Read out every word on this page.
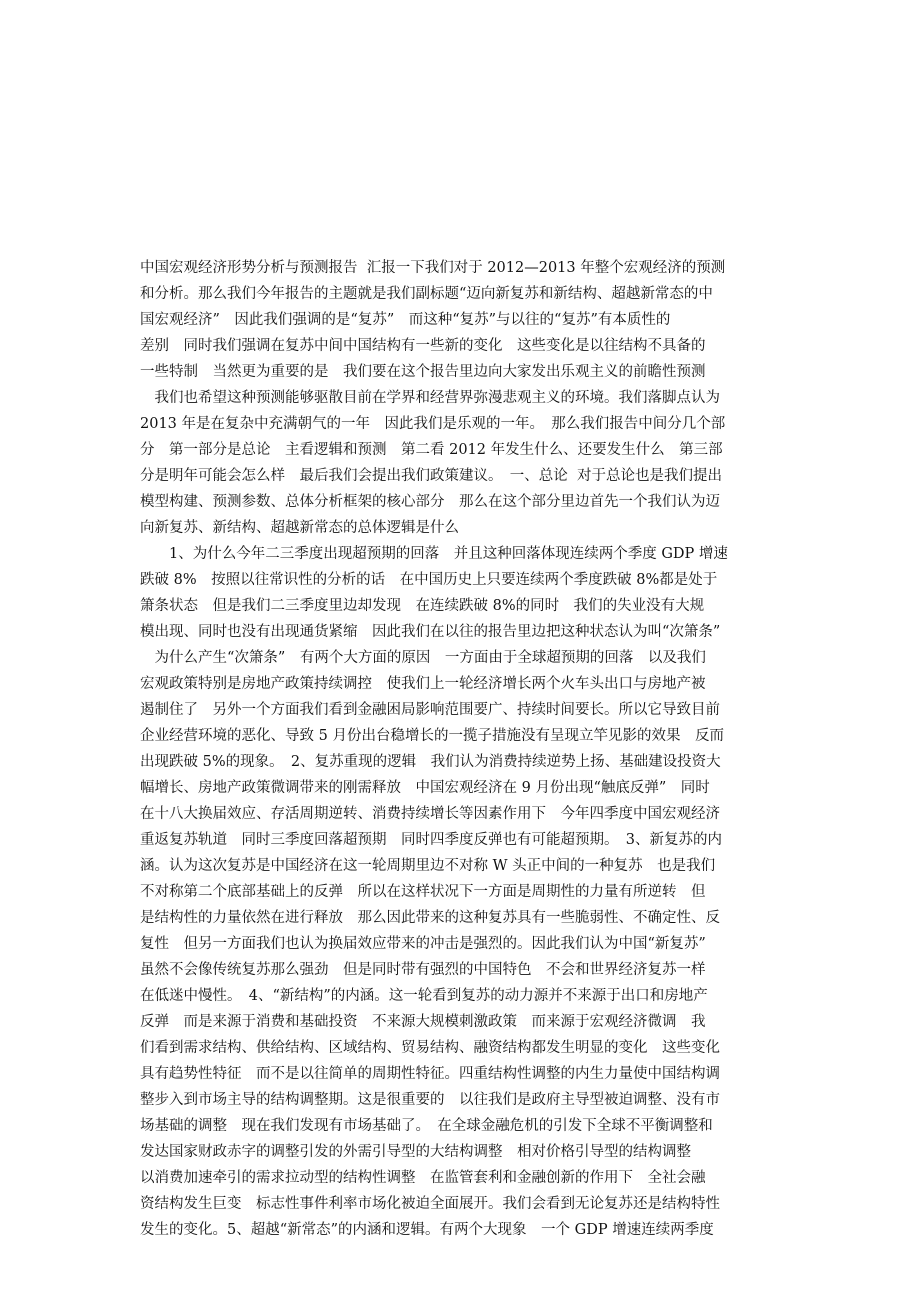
中国宏观经济形势分析与预测报告  汇报一下我们对于 2012—2013 年整个宏观经济的预测
和分析。那么我们今年报告的主题就是我们副标题“迈向新复苏和新结构、超越新常态的中
国宏观经济”　因此我们强调的是“复苏”　而这种“复苏”与以往的“复苏”有本质性的
差别　同时我们强调在复苏中间中国结构有一些新的变化　这些变化是以往结构不具备的
一些特制　当然更为重要的是　我们要在这个报告里边向大家发出乐观主义的前瞻性预测
　我们也希望这种预测能够驱散目前在学界和经营界弥漫悲观主义的环境。我们落脚点认为
2013 年是在复杂中充满朝气的一年　因此我们是乐观的一年。　那么我们报告中间分几个部
分　第一部分是总论　主看逻辑和预测　第二看 2012 年发生什么、还要发生什么　第三部
分是明年可能会怎么样　最后我们会提出我们政策建议。　一、总论  对于总论也是我们提出
模型构建、预测参数、总体分析框架的核心部分　那么在这个部分里边首先一个我们认为迈
向新复苏、新结构、超越新常态的总体逻辑是什么
　　1、为什么今年二三季度出现超预期的回落　并且这种回落体现连续两个季度 GDP 增速
跌破 8%　按照以往常识性的分析的话　在中国历史上只要连续两个季度跌破 8%都是处于
箫条状态　但是我们二三季度里边却发现　在连续跌破 8%的同时　我们的失业没有大规
模出现、同时也没有出现通货紧缩　因此我们在以往的报告里边把这种状态认为叫“次箫条”
　为什么产生“次箫条”　有两个大方面的原因　一方面由于全球超预期的回落　以及我们
宏观政策特别是房地产政策持续调控　使我们上一轮经济增长两个火车头出口与房地产被
遏制住了　另外一个方面我们看到金融困局影响范围要广、持续时间要长。所以它导致目前
企业经营环境的恶化、导致 5 月份出台稳增长的一揽子措施没有呈现立竿见影的效果　反而
出现跌破 5%的现象。　2、复苏重现的逻辑　我们认为消费持续逆势上扬、基础建设投资大
幅增长、房地产政策微调带来的刚需释放　中国宏观经济在 9 月份出现“触底反弹”　同时
在十八大换届效应、存活周期逆转、消费持续增长等因素作用下　今年四季度中国宏观经济
重返复苏轨道　同时三季度回落超预期　同时四季度反弹也有可能超预期。　3、新复苏的内
涵。认为这次复苏是中国经济在这一轮周期里边不对称 W 头正中间的一种复苏　也是我们
不对称第二个底部基础上的反弹　所以在这样状况下一方面是周期性的力量有所逆转　但
是结构性的力量依然在进行释放　那么因此带来的这种复苏具有一些脆弱性、不确定性、反
复性　但另一方面我们也认为换届效应带来的冲击是强烈的。因此我们认为中国“新复苏”
虽然不会像传统复苏那么强劲　但是同时带有强烈的中国特色　不会和世界经济复苏一样
在低迷中慢性。　4、“新结构”的内涵。这一轮看到复苏的动力源并不来源于出口和房地产
反弹　而是来源于消费和基础投资　不来源大规模刺激政策　而来源于宏观经济微调　我
们看到需求结构、供给结构、区域结构、贸易结构、融资结构都发生明显的变化　这些变化
具有趋势性特征　而不是以往简单的周期性特征。四重结构性调整的内生力量使中国结构调
整步入到市场主导的结构调整期。这是很重要的　以往我们是政府主导型被迫调整、没有市
场基础的调整　现在我们发现有市场基础了。　在全球金融危机的引发下全球不平衡调整和
发达国家财政赤字的调整引发的外需引导型的大结构调整　相对价格引导型的结构调整
以消费加速牵引的需求拉动型的结构性调整　在监管套利和金融创新的作用下　全社会融
资结构发生巨变　标志性事件利率市场化被迫全面展开。我们会看到无论复苏还是结构特性
发生的变化。5、超越“新常态”的内涵和逻辑。有两个大现象　一个 GDP 增速连续两季度
